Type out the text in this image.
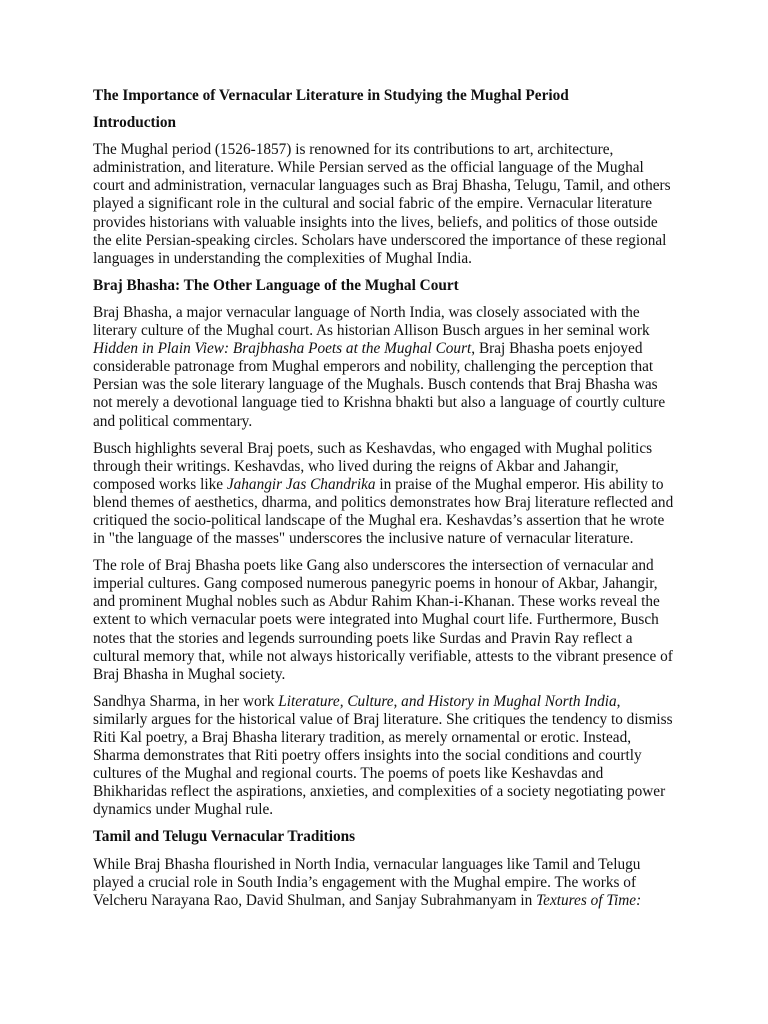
The Importance of Vernacular Literature in Studying the Mughal Period

Introduction

The Mughal period (1526-1857) is renowned for its contributions to art, architecture, administration, and literature. While Persian served as the official language of the Mughal court and administration, vernacular languages such as Braj Bhasha, Telugu, Tamil, and others played a significant role in the cultural and social fabric of the empire. Vernacular literature provides historians with valuable insights into the lives, beliefs, and politics of those outside the elite Persian-speaking circles. Scholars have underscored the importance of these regional languages in understanding the complexities of Mughal India.

Braj Bhasha: The Other Language of the Mughal Court

Braj Bhasha, a major vernacular language of North India, was closely associated with the literary culture of the Mughal court. As historian Allison Busch argues in her seminal work Hidden in Plain View: Brajbhasha Poets at the Mughal Court, Braj Bhasha poets enjoyed considerable patronage from Mughal emperors and nobility, challenging the perception that Persian was the sole literary language of the Mughals. Busch contends that Braj Bhasha was not merely a devotional language tied to Krishna bhakti but also a language of courtly culture and political commentary.

Busch highlights several Braj poets, such as Keshavdas, who engaged with Mughal politics through their writings. Keshavdas, who lived during the reigns of Akbar and Jahangir, composed works like Jahangir Jas Chandrika in praise of the Mughal emperor. His ability to blend themes of aesthetics, dharma, and politics demonstrates how Braj literature reflected and critiqued the socio-political landscape of the Mughal era. Keshavdas’s assertion that he wrote in "the language of the masses" underscores the inclusive nature of vernacular literature.

The role of Braj Bhasha poets like Gang also underscores the intersection of vernacular and imperial cultures. Gang composed numerous panegyric poems in honour of Akbar, Jahangir, and prominent Mughal nobles such as Abdur Rahim Khan-i-Khanan. These works reveal the extent to which vernacular poets were integrated into Mughal court life. Furthermore, Busch notes that the stories and legends surrounding poets like Surdas and Pravin Ray reflect a cultural memory that, while not always historically verifiable, attests to the vibrant presence of Braj Bhasha in Mughal society.

Sandhya Sharma, in her work Literature, Culture, and History in Mughal North India, similarly argues for the historical value of Braj literature. She critiques the tendency to dismiss Riti Kal poetry, a Braj Bhasha literary tradition, as merely ornamental or erotic. Instead, Sharma demonstrates that Riti poetry offers insights into the social conditions and courtly cultures of the Mughal and regional courts. The poems of poets like Keshavdas and Bhikharidas reflect the aspirations, anxieties, and complexities of a society negotiating power dynamics under Mughal rule.

Tamil and Telugu Vernacular Traditions

While Braj Bhasha flourished in North India, vernacular languages like Tamil and Telugu played a crucial role in South India’s engagement with the Mughal empire. The works of Velcheru Narayana Rao, David Shulman, and Sanjay Subrahmanyam in Textures of Time:
